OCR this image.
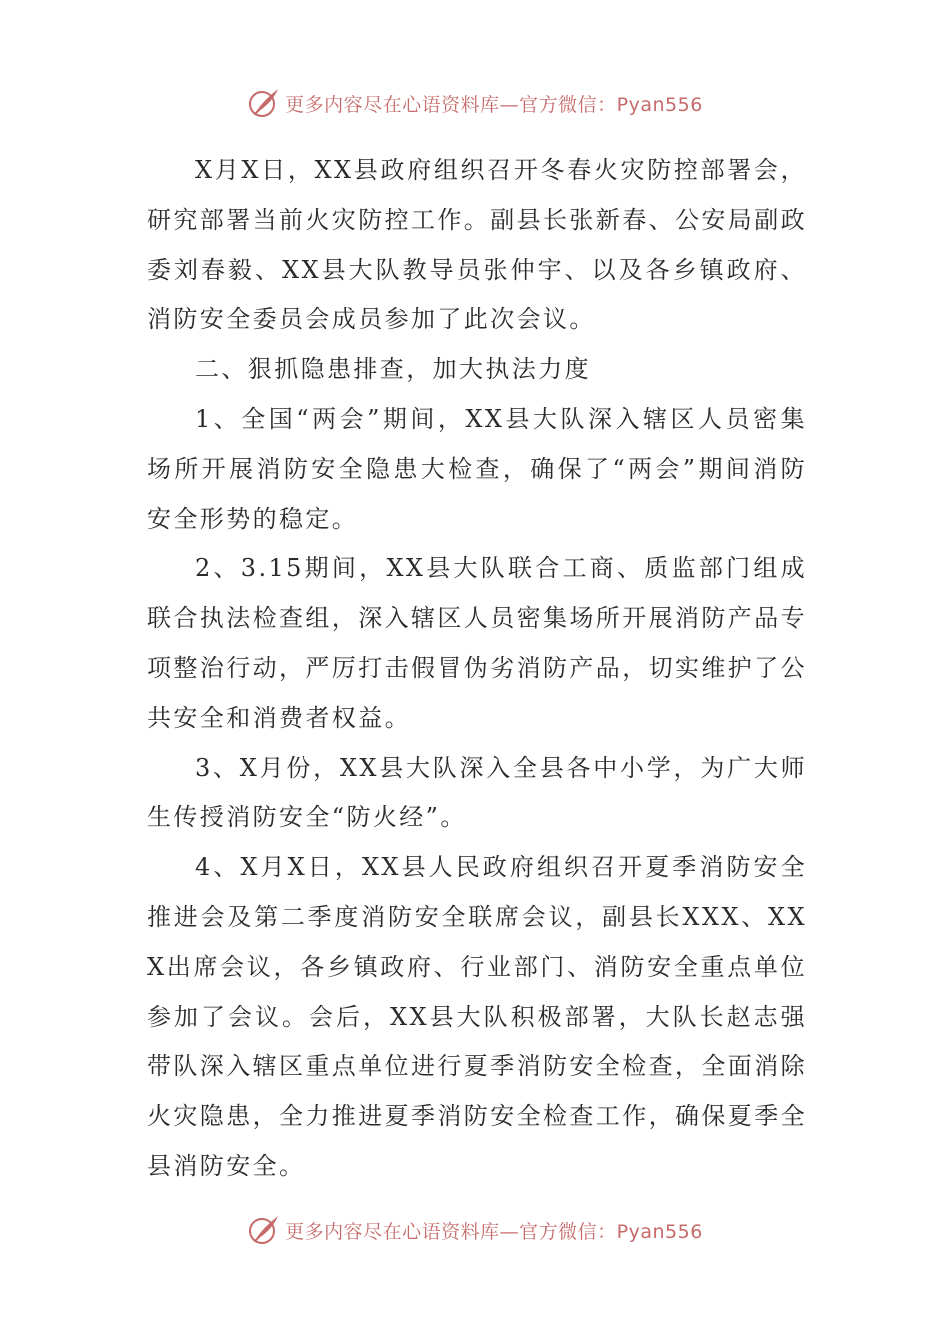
更多内容尽在心语资料库—官方微信：Pyan556

X月X日，XX县政府组织召开冬春火灾防控部署会，研究部署当前火灾防控工作。副县长张新春、公安局副政委刘春毅、XX县大队教导员张仲宇、以及各乡镇政府、消防安全委员会成员参加了此次会议。

二、狠抓隐患排查，加大执法力度

1、全国“两会”期间，XX县大队深入辖区人员密集场所开展消防安全隐患大检查，确保了“两会”期间消防安全形势的稳定。

2、3.15期间，XX县大队联合工商、质监部门组成联合执法检查组，深入辖区人员密集场所开展消防产品专项整治行动，严厉打击假冒伪劣消防产品，切实维护了公共安全和消费者权益。

3、X月份，XX县大队深入全县各中小学，为广大师生传授消防安全“防火经”。

4、X月X日，XX县人民政府组织召开夏季消防安全推进会及第二季度消防安全联席会议，副县长XXX、XXX出席会议，各乡镇政府、行业部门、消防安全重点单位参加了会议。会后，XX县大队积极部署，大队长赵志强带队深入辖区重点单位进行夏季消防安全检查，全面消除火灾隐患，全力推进夏季消防安全检查工作，确保夏季全县消防安全。

更多内容尽在心语资料库—官方微信：Pyan556
